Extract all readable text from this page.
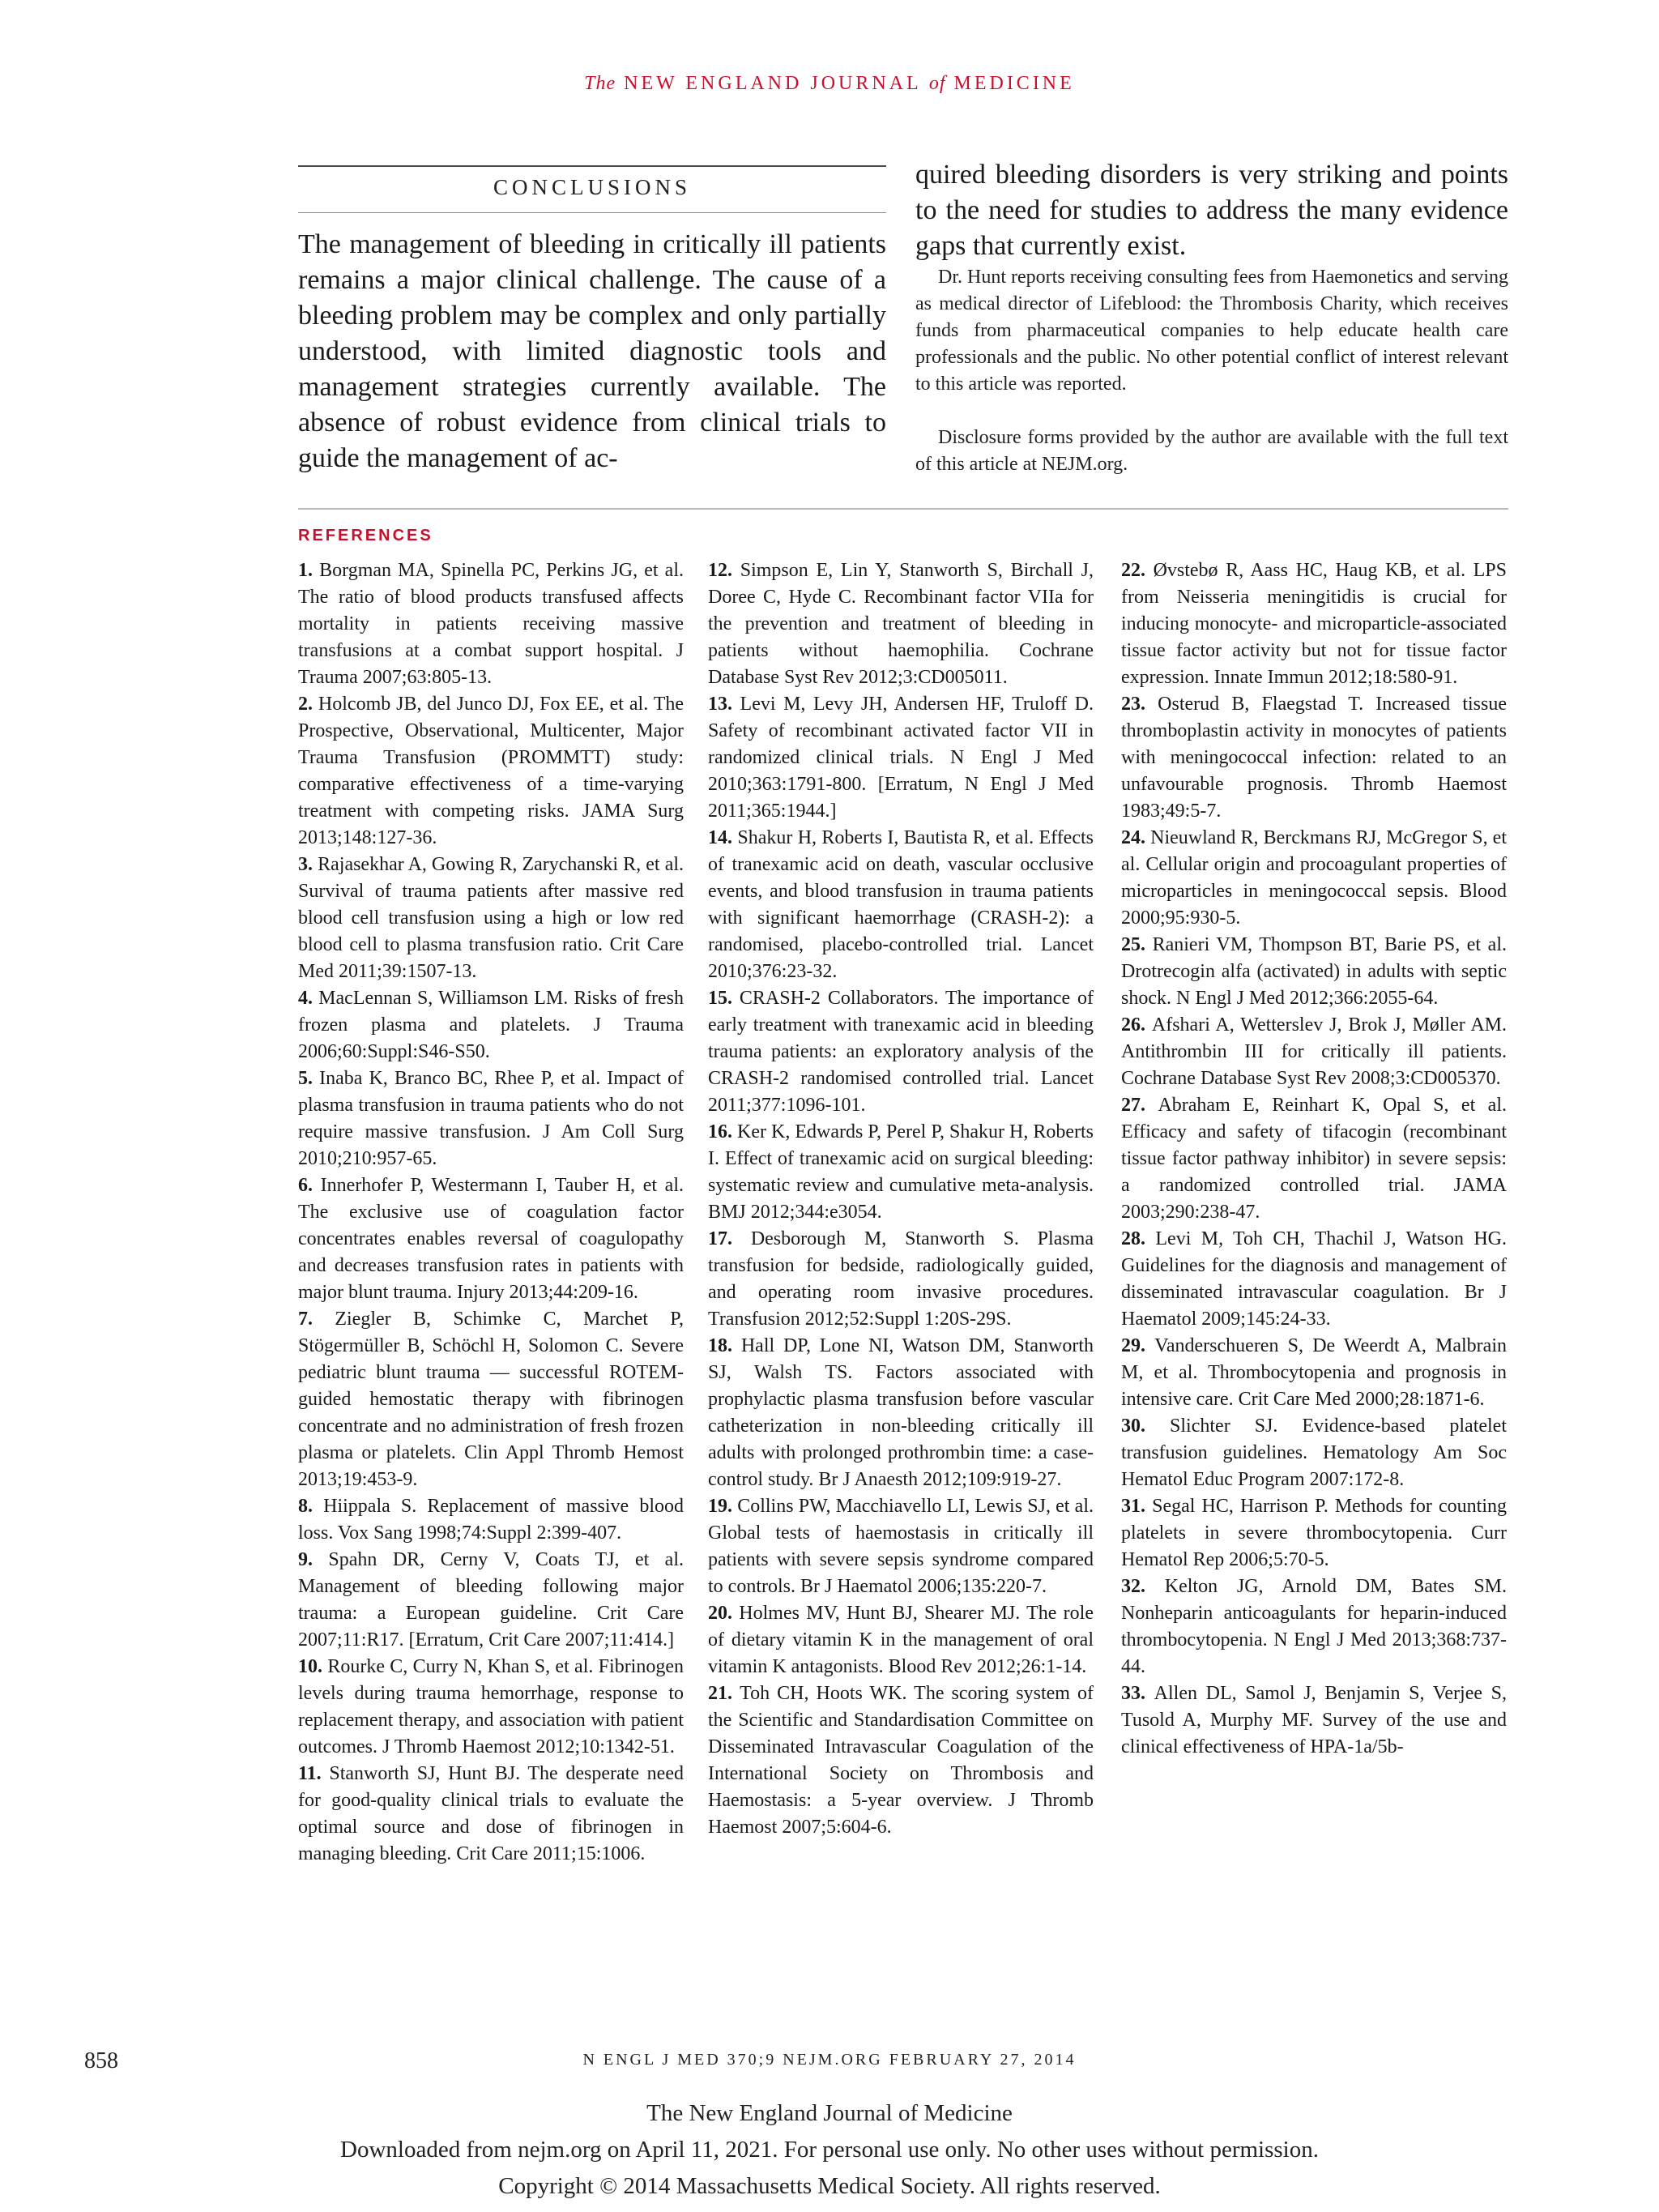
The NEW ENGLAND JOURNAL of MEDICINE
CONCLUSIONS
The management of bleeding in critically ill patients remains a major clinical challenge. The cause of a bleeding problem may be complex and only partially understood, with limited diagnostic tools and management strategies currently available. The absence of robust evidence from clinical trials to guide the management of ac-
quired bleeding disorders is very striking and points to the need for studies to address the many evidence gaps that currently exist.
Dr. Hunt reports receiving consulting fees from Haemonetics and serving as medical director of Lifeblood: the Thrombosis Charity, which receives funds from pharmaceutical companies to help educate health care professionals and the public. No other potential conflict of interest relevant to this article was reported.
Disclosure forms provided by the author are available with the full text of this article at NEJM.org.
REFERENCES
1. Borgman MA, Spinella PC, Perkins JG, et al. The ratio of blood products transfused affects mortality in patients receiving massive transfusions at a combat support hospital. J Trauma 2007;63:805-13.
2. Holcomb JB, del Junco DJ, Fox EE, et al. The Prospective, Observational, Multicenter, Major Trauma Transfusion (PROMMTT) study: comparative effectiveness of a time-varying treatment with competing risks. JAMA Surg 2013;148:127-36.
3. Rajasekhar A, Gowing R, Zarychanski R, et al. Survival of trauma patients after massive red blood cell transfusion using a high or low red blood cell to plasma transfusion ratio. Crit Care Med 2011;39:1507-13.
4. MacLennan S, Williamson LM. Risks of fresh frozen plasma and platelets. J Trauma 2006;60:Suppl:S46-S50.
5. Inaba K, Branco BC, Rhee P, et al. Impact of plasma transfusion in trauma patients who do not require massive transfusion. J Am Coll Surg 2010;210:957-65.
6. Innerhofer P, Westermann I, Tauber H, et al. The exclusive use of coagulation factor concentrates enables reversal of coagulopathy and decreases transfusion rates in patients with major blunt trauma. Injury 2013;44:209-16.
7. Ziegler B, Schimke C, Marchet P, Stögermüller B, Schöchl H, Solomon C. Severe pediatric blunt trauma — successful ROTEM-guided hemostatic therapy with fibrinogen concentrate and no administration of fresh frozen plasma or platelets. Clin Appl Thromb Hemost 2013;19:453-9.
8. Hiippala S. Replacement of massive blood loss. Vox Sang 1998;74:Suppl 2:399-407.
9. Spahn DR, Cerny V, Coats TJ, et al. Management of bleeding following major trauma: a European guideline. Crit Care 2007;11:R17. [Erratum, Crit Care 2007;11:414.]
10. Rourke C, Curry N, Khan S, et al. Fibrinogen levels during trauma hemorrhage, response to replacement therapy, and association with patient outcomes. J Thromb Haemost 2012;10:1342-51.
11. Stanworth SJ, Hunt BJ. The desperate need for good-quality clinical trials to evaluate the optimal source and dose of fibrinogen in managing bleeding. Crit Care 2011;15:1006.
12. Simpson E, Lin Y, Stanworth S, Birchall J, Doree C, Hyde C. Recombinant factor VIIa for the prevention and treatment of bleeding in patients without haemophilia. Cochrane Database Syst Rev 2012;3:CD005011.
13. Levi M, Levy JH, Andersen HF, Truloff D. Safety of recombinant activated factor VII in randomized clinical trials. N Engl J Med 2010;363:1791-800. [Erratum, N Engl J Med 2011;365:1944.]
14. Shakur H, Roberts I, Bautista R, et al. Effects of tranexamic acid on death, vascular occlusive events, and blood transfusion in trauma patients with significant haemorrhage (CRASH-2): a randomised, placebo-controlled trial. Lancet 2010;376:23-32.
15. CRASH-2 Collaborators. The importance of early treatment with tranexamic acid in bleeding trauma patients: an exploratory analysis of the CRASH-2 randomised controlled trial. Lancet 2011;377:1096-101.
16. Ker K, Edwards P, Perel P, Shakur H, Roberts I. Effect of tranexamic acid on surgical bleeding: systematic review and cumulative meta-analysis. BMJ 2012;344:e3054.
17. Desborough M, Stanworth S. Plasma transfusion for bedside, radiologically guided, and operating room invasive procedures. Transfusion 2012;52:Suppl 1:20S-29S.
18. Hall DP, Lone NI, Watson DM, Stanworth SJ, Walsh TS. Factors associated with prophylactic plasma transfusion before vascular catheterization in non-bleeding critically ill adults with prolonged prothrombin time: a case-control study. Br J Anaesth 2012;109:919-27.
19. Collins PW, Macchiavello LI, Lewis SJ, et al. Global tests of haemostasis in critically ill patients with severe sepsis syndrome compared to controls. Br J Haematol 2006;135:220-7.
20. Holmes MV, Hunt BJ, Shearer MJ. The role of dietary vitamin K in the management of oral vitamin K antagonists. Blood Rev 2012;26:1-14.
21. Toh CH, Hoots WK. The scoring system of the Scientific and Standardisation Committee on Disseminated Intravascular Coagulation of the International Society on Thrombosis and Haemostasis: a 5-year overview. J Thromb Haemost 2007;5:604-6.
22. Øvstebø R, Aass HC, Haug KB, et al. LPS from Neisseria meningitidis is crucial for inducing monocyte- and microparticle-associated tissue factor activity but not for tissue factor expression. Innate Immun 2012;18:580-91.
23. Osterud B, Flaegstad T. Increased tissue thromboplastin activity in monocytes of patients with meningococcal infection: related to an unfavourable prognosis. Thromb Haemost 1983;49:5-7.
24. Nieuwland R, Berckmans RJ, McGregor S, et al. Cellular origin and procoagulant properties of microparticles in meningococcal sepsis. Blood 2000;95:930-5.
25. Ranieri VM, Thompson BT, Barie PS, et al. Drotrecogin alfa (activated) in adults with septic shock. N Engl J Med 2012;366:2055-64.
26. Afshari A, Wetterslev J, Brok J, Møller AM. Antithrombin III for critically ill patients. Cochrane Database Syst Rev 2008;3:CD005370.
27. Abraham E, Reinhart K, Opal S, et al. Efficacy and safety of tifacogin (recombinant tissue factor pathway inhibitor) in severe sepsis: a randomized controlled trial. JAMA 2003;290:238-47.
28. Levi M, Toh CH, Thachil J, Watson HG. Guidelines for the diagnosis and management of disseminated intravascular coagulation. Br J Haematol 2009;145:24-33.
29. Vanderschueren S, De Weerdt A, Malbrain M, et al. Thrombocytopenia and prognosis in intensive care. Crit Care Med 2000;28:1871-6.
30. Slichter SJ. Evidence-based platelet transfusion guidelines. Hematology Am Soc Hematol Educ Program 2007:172-8.
31. Segal HC, Harrison P. Methods for counting platelets in severe thrombocytopenia. Curr Hematol Rep 2006;5:70-5.
32. Kelton JG, Arnold DM, Bates SM. Nonheparin anticoagulants for heparin-induced thrombocytopenia. N Engl J Med 2013;368:737-44.
33. Allen DL, Samol J, Benjamin S, Verjee S, Tusold A, Murphy MF. Survey of the use and clinical effectiveness of HPA-1a/5b-
858	N ENGL J MED 370;9 NEJM.ORG FEBRUARY 27, 2014
The New England Journal of Medicine
Downloaded from nejm.org on April 11, 2021. For personal use only. No other uses without permission.
Copyright © 2014 Massachusetts Medical Society. All rights reserved.
